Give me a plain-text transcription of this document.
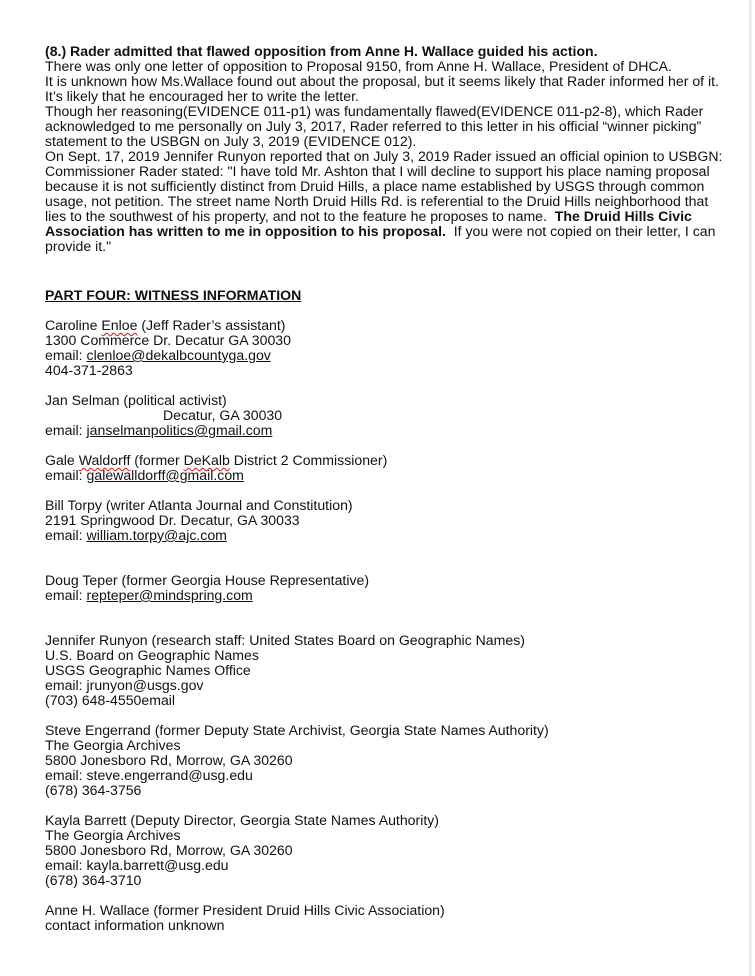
(8.) Rader admitted that flawed opposition from Anne H. Wallace guided his action.
There was only one letter of opposition to Proposal 9150, from Anne H. Wallace, President of DHCA.
It is unknown how Ms.Wallace found out about the proposal, but it seems likely that Rader informed her of it.
It’s likely that he encouraged her to write the letter.
Though her reasoning(EVIDENCE 011-p1) was fundamentally flawed(EVIDENCE 011-p2-8), which Rader
acknowledged to me personally on July 3, 2017, Rader referred to this letter in his official “winner picking”
statement to the USBGN on July 3, 2019 (EVIDENCE 012).
On Sept. 17, 2019 Jennifer Runyon reported that on July 3, 2019 Rader issued an official opinion to USBGN:
Commissioner Rader stated: "I have told Mr. Ashton that I will decline to support his place naming proposal
because it is not sufficiently distinct from Druid Hills, a place name established by USGS through common
usage, not petition. The street name North Druid Hills Rd. is referential to the Druid Hills neighborhood that
lies to the southwest of his property, and not to the feature he proposes to name. The Druid Hills Civic
Association has written to me in opposition to his proposal. If you were not copied on their letter, I can
provide it."
PART FOUR: WITNESS INFORMATION
Caroline Enloe (Jeff Rader’s assistant)
1300 Commerce Dr. Decatur GA 30030
email: clenloe@dekalbcountyga.gov
404-371-2863
Jan Selman (political activist)
Decatur, GA 30030
email: janselmanpolitics@gmail.com
Gale Waldorff (former DeKalb District 2 Commissioner)
email: galewalldorff@gmail.com
Bill Torpy (writer Atlanta Journal and Constitution)
2191 Springwood Dr. Decatur, GA 30033
email: william.torpy@ajc.com
Doug Teper (former Georgia House Representative)
email: repteper@mindspring.com
Jennifer Runyon (research staff: United States Board on Geographic Names)
U.S. Board on Geographic Names
USGS Geographic Names Office
email: jrunyon@usgs.gov
(703) 648-4550email
Steve Engerrand (former Deputy State Archivist, Georgia State Names Authority)
The Georgia Archives
5800 Jonesboro Rd, Morrow, GA 30260
email: steve.engerrand@usg.edu
(678) 364-3756
Kayla Barrett (Deputy Director, Georgia State Names Authority)
The Georgia Archives
5800 Jonesboro Rd, Morrow, GA 30260
email: kayla.barrett@usg.edu
(678) 364-3710
Anne H. Wallace (former President Druid Hills Civic Association)
contact information unknown
